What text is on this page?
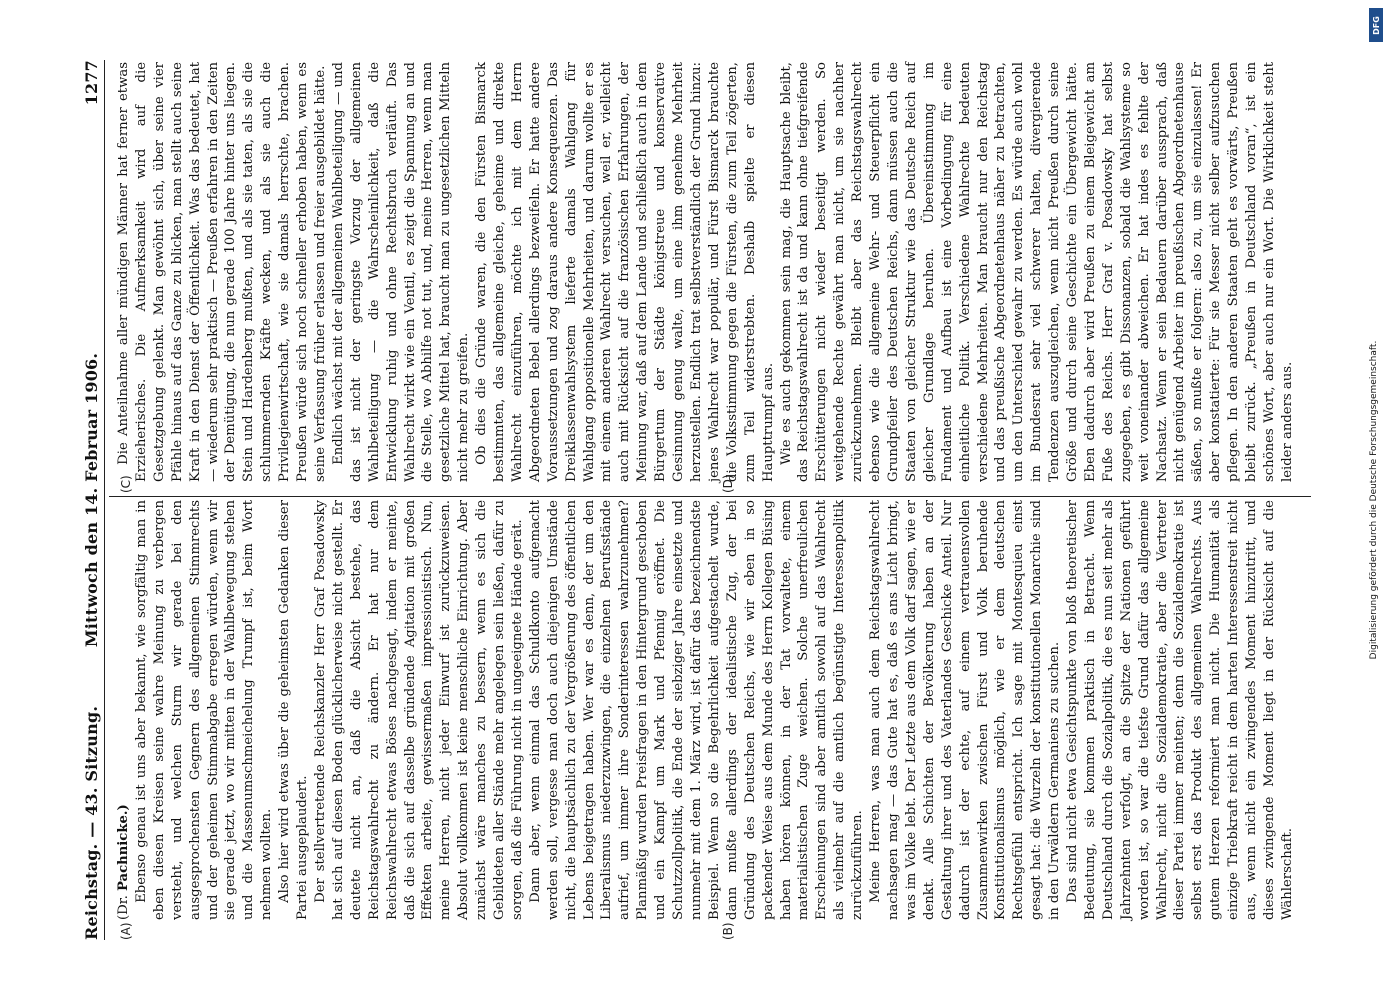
Reichstag. — 43. Sitzung.
Mittwoch den 14. Februar 1906.
1277
(A)	(B)
(C)	(D)

(Dr. Pachnicke.) Ebenso genau ist uns aber bekannt, wie sorgfältig man in eben diesen Kreisen seine wahre Meinung zu verbergen versteht, und welchen Sturm wir gerade bei den ausgesprochensten Gegnern des allgemeinen Stimmrechts und der geheimen Stimmabgabe erregen würden, wenn wir sie gerade jetzt, wo wir mitten in der Wahlbewegung stehen und die Massenumschmeichelung Trumpf ist, beim Wort nehmen wollten. Also hier wird etwas über die geheimsten Gedanken dieser Partei ausgeplaudert. Der stellvertretende Reichskanzler Herr Graf Posadowsky hat sich auf diesen Boden glücklicherweise nicht gestellt. Er deutete nicht an, daß die Absicht bestehe, das Reichstagswahlrecht zu ändern. Er hat nur dem Reichswahlrecht etwas Böses nachgesagt, indem er meinte, daß die sich auf dasselbe gründende Agitation mit großen Effekten arbeite, gewissermaßen impressionistisch. Nun, meine Herren, nicht jeder Einwurf ist zurückzuweisen. Absolut vollkommen ist keine menschliche Einrichtung. Aber zunächst wäre manches zu bessern, wenn es sich die Gebildeten aller Stände mehr angelegen sein ließen, dafür zu sorgen, daß die Führung nicht in ungeeignete Hände gerät. Dann aber, wenn einmal das Schuldkonto aufgemacht werden soll, vergesse man doch auch diejenigen Umstände nicht, die hauptsächlich zu der Vergrößerung des öffentlichen Lebens beigetragen haben. Wer war es denn, der um den Liberalismus niederzuzwingen, die einzelnen Berufsstände aufrief, um immer ihre Sonderinteressen wahrzunehmen? Planmäßig wurden Preisfragen in den Hintergrund geschoben und ein Kampf um Mark und Pfennig eröffnet. Die Schutzzollpolitik, die Ende der siebziger Jahre einsetzte und nunmehr mit dem 1. März wird, ist dafür das bezeichnendste Beispiel. Wenn so die Begehrlichkeit aufgestachelt wurde, dann mußte allerdings der idealistische Zug, der bei Gründung des Deutschen Reichs, wie wir eben in so packender Weise aus dem Munde des Herrn Kollegen Büsing haben hören können, in der Tat vorwaltete, einem materialistischen Zuge weichen. Solche unerfreulichen Erscheinungen sind aber amtlich sowohl auf das Wahlrecht als vielmehr auf die amtlich begünstigte Interessenpolitik zurückzuführen. Meine Herren, was man auch dem Reichstagswahlrecht nachsagen mag — das Gute hat es, daß es ans Licht bringt, was im Volke lebt. Der Letzte aus dem Volk darf sagen, wie er denkt. Alle Schichten der Bevölkerung haben an der Gestaltung ihrer und des Vaterlandes Geschicke Anteil. Nur dadurch ist der echte, auf einem vertrauensvollen Zusammenwirken zwischen Fürst und Volk beruhende Konstitutionalismus möglich, wie er dem deutschen Rechtsgefühl entspricht. Ich sage mit Montesquieu einst gesagt hat: die Wurzeln der konstitutionellen Monarchie sind in den Urwäldern Germaniens zu suchen. Das sind nicht etwa Gesichtspunkte von bloß theoretischer Bedeutung, sie kommen praktisch in Betracht. Wenn Deutschland durch die Sozialpolitik, die es nun seit mehr als Jahrzehnten verfolgt, an die Spitze der Nationen geführt worden ist, so war die tiefste Grund dafür das allgemeine Wahlrecht, nicht die Sozialdemokratie, aber die Vertreter dieser Partei immer meinten; denn die Sozialdemokratie ist selbst erst das Produkt des allgemeinen Wahlrechts. Aus gutem Herzen reformiert man nicht. Die Humanität als einzige Triebkraft reicht in dem harten Interessenstreit nicht aus, wenn nicht ein zwingendes Moment hinzutritt, und dieses zwingende Moment liegt in der Rücksicht auf die Wählerschaft.

Die Anteilnahme aller mündigen Männer hat ferner etwas Erzieherisches. Die Aufmerksamkeit wird auf die Gesetzgebung gelenkt. Man gewöhnt sich, über seine vier Pfähle hinaus auf das Ganze zu blicken, man stellt auch seine Kraft in den Dienst der Öffentlichkeit. Was das bedeutet, hat — wiederum sehr praktisch — Preußen erfahren in den Zeiten der Demütigung, die nun gerade 100 Jahre hinter uns liegen. Stein und Hardenberg mußten, und als sie taten, als sie die schlummernden Kräfte wecken, und als sie auch die Privilegienwirtschaft, wie sie damals herrschte, brachen. Preußen würde sich noch schneller erhoben haben, wenn es seine Verfassung früher erlassen und freier ausgebildet hätte. Endlich wächst mit der allgemeinen Wahlbeteiligung — und das ist nicht der geringste Vorzug der allgemeinen Wahlbeteiligung — die Wahrscheinlichkeit, daß die Entwicklung ruhig und ohne Rechtsbruch verläuft. Das Wahlrecht wirkt wie ein Ventil, es zeigt die Spannung an und die Stelle, wo Abhilfe not tut, und, meine Herren, wenn man gesetzliche Mittel hat, braucht man zu ungesetzlichen Mitteln nicht mehr zu greifen. Ob dies die Gründe waren, die den Fürsten Bismarck bestimmten, das allgemeine gleiche, geheime und direkte Wahlrecht einzuführen, möchte ich mit dem Herrn Abgeordneten Bebel allerdings bezweifeln. Er hatte andere Voraussetzungen und zog daraus andere Konsequenzen. Das Dreiklassenwahlsystem lieferte damals Wahlgang für Wahlgang oppositionelle Mehrheiten, und darum wollte er es mit einem anderen Wahlrecht versuchen, weil er, vielleicht auch mit Rücksicht auf die französischen Erfahrungen, der Meinung war, daß auf dem Lande und schließlich auch in dem Bürgertum der Städte königstreue und konservative Gesinnung genug walte, um eine ihm genehme Mehrheit herzustellen. Endlich trat selbstverständlich der Grund hinzu: jenes Wahlrecht war populär, und Fürst Bismarck brauchte die Volksstimmung gegen die Fürsten, die zum Teil zögerten, zum Teil widerstrebten. Deshalb spielte er diesen Haupttrumpf aus. Wie es auch gekommen sein mag, die Hauptsache bleibt, das Reichstagswahlrecht ist da und kann ohne tiefgreifende Erschütterungen nicht wieder beseitigt werden. So weitgehende Rechte gewährt man nicht, um sie nachher zurückzunehmen. Bleibt aber das Reichstagswahlrecht ebenso wie die allgemeine Wehr- und Steuerpflicht ein Grundpfeiler des Deutschen Reichs, dann müssen auch die Staaten von gleicher Struktur wie das Deutsche Reich auf gleicher Grundlage beruhen. Übereinstimmung im Fundament und Aufbau ist eine Vorbedingung für eine einheitliche Politik. Verschiedene Wahlrechte bedeuten verschiedene Mehrheiten. Man braucht nur den Reichstag und das preußische Abgeordnetenhaus näher zu betrachten, um den Unterschied gewahr zu werden. Es würde auch wohl im Bundesrat sehr viel schwerer halten, divergierende Tendenzen auszugleichen, wenn nicht Preußen durch seine Größe und durch seine Geschichte ein Übergewicht hätte. Eben dadurch aber wird Preußen zu einem Bleigewicht am Fuße des Reichs. Herr Graf v. Posadowsky hat selbst zugegeben, es gibt Dissonanzen, sobald die Wahlsysteme so weit voneinander abweichen. Er hat indes es fehlte der Nachsatz. Wenn er sein Bedauern darüber aussprach, daß nicht genügend Arbeiter im preußischen Abgeordnetenhause säßen, so mußte er folgern: also zu, um sie einzulassen! Er aber konstatierte: Für sie Messer nicht selber aufzusuchen pflegen. In den anderen Staaten geht es vorwärts, Preußen bleibt zurück. „Preußen in Deutschland voran“, ist ein schönes Wort, aber auch nur ein Wort. Die Wirklichkeit steht leider anders aus.

DFG
Digitalisierung gefördert durch die Deutsche Forschungsgemeinschaft.
